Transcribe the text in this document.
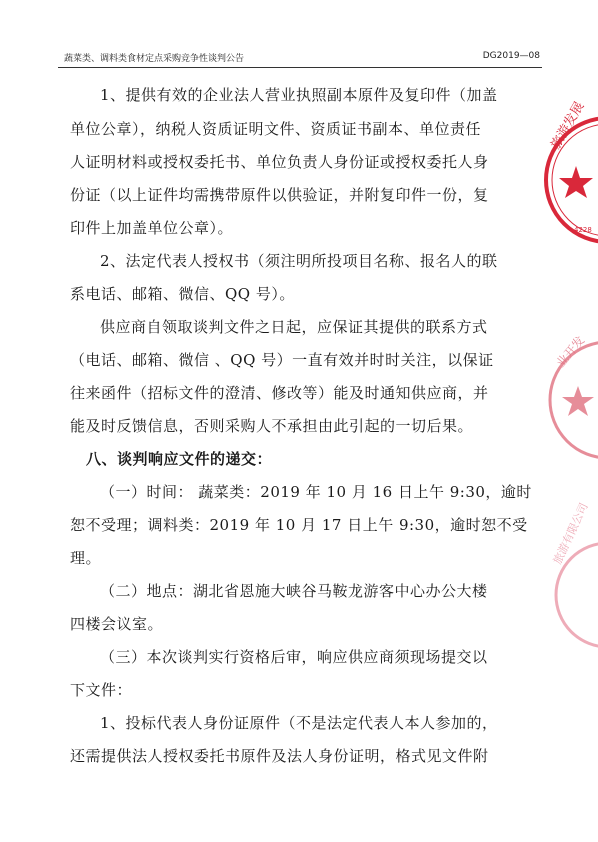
蔬菜类、调料类食材定点采购竞争性谈判公告	DG2019—08
1、提供有效的企业法人营业执照副本原件及复印件（加盖
单位公章），纳税人资质证明文件、资质证书副本、单位责任
人证明材料或授权委托书、单位负责人身份证或授权委托人身
份证（以上证件均需携带原件以供验证，并附复印件一份，复
印件上加盖单位公章）。
2、法定代表人授权书（须注明所投项目名称、报名人的联
系电话、邮箱、微信、QQ 号）。
供应商自领取谈判文件之日起，应保证其提供的联系方式
（电话、邮箱、微信 、QQ 号）一直有效并时时关注，以保证
往来函件（招标文件的澄清、修改等）能及时通知供应商，并
能及时反馈信息，否则采购人不承担由此引起的一切后果。
八、谈判响应文件的递交：
（一）时间： 蔬菜类：2019 年 10 月 16 日上午 9:30，逾时
恕不受理；调料类：2019 年 10 月 17 日上午 9:30，逾时恕不受
理。
（二）地点：湖北省恩施大峡谷马鞍龙游客中心办公大楼
四楼会议室。
（三）本次谈判实行资格后审，响应供应商须现场提交以
下文件：
1、投标代表人身份证原件（不是法定代表人本人参加的，
还需提供法人授权委托书原件及法人身份证明，格式见文件附
旅游发展
4228
业开发
旅游有限公司
